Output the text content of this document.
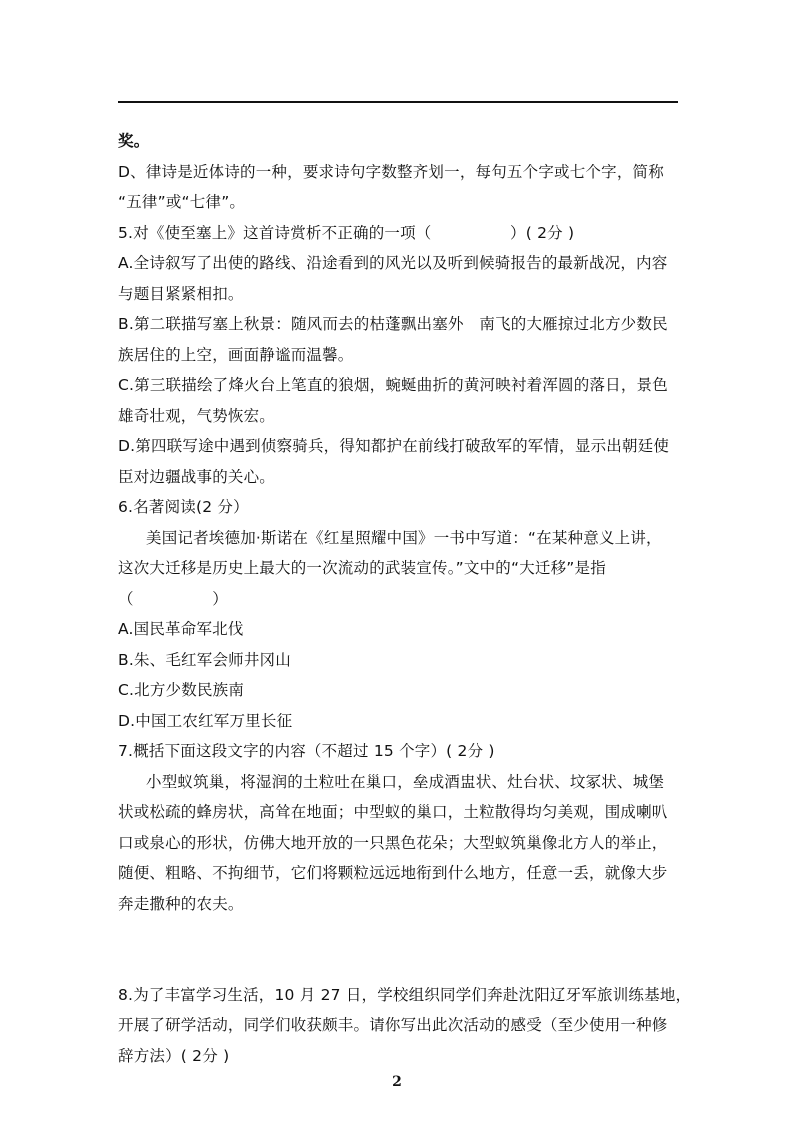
奖。
D、律诗是近体诗的一种，要求诗句字数整齐划一，每句五个字或七个字，简称
“五律”或“七律”。
5.对《使至塞上》这首诗赏析不正确的一项（　　　　　）( 2分 )
A.全诗叙写了出使的路线、沿途看到的风光以及听到候骑报告的最新战况，内容
与题目紧紧相扣。
B.第二联描写塞上秋景：随风而去的枯蓬飘出塞外　南飞的大雁掠过北方少数民
族居住的上空，画面静谧而温馨。
C.第三联描绘了烽火台上笔直的狼烟，蜿蜒曲折的黄河映衬着浑圆的落日，景色
雄奇壮观，气势恢宏。
D.第四联写途中遇到侦察骑兵，得知都护在前线打破敌军的军情，显示出朝廷使
臣对边疆战事的关心。
6.名著阅读(2 分）
美国记者埃德加·斯诺在《红星照耀中国》一书中写道：“在某种意义上讲，
这次大迁移是历史上最大的一次流动的武装宣传。”文中的“大迁移”是指
（　　　　　）
A.国民革命军北伐
B.朱、毛红军会师井冈山
C.北方少数民族南
D.中国工农红军万里长征
7.概括下面这段文字的内容（不超过 15 个字）( 2分 )
小型蚁筑巢，将湿润的土粒吐在巢口，垒成酒盅状、灶台状、坟冢状、城堡
状或松疏的蜂房状，高耸在地面；中型蚁的巢口，土粒散得均匀美观，围成喇叭
口或泉心的形状，仿佛大地开放的一只黑色花朵；大型蚁筑巢像北方人的举止，
随便、粗略、不拘细节，它们将颗粒远远地衔到什么地方，任意一丢，就像大步
奔走撒种的农夫。
8.为了丰富学习生活，10 月 27 日，学校组织同学们奔赴沈阳辽牙军旅训练基地，
开展了研学活动，同学们收获颇丰。请你写出此次活动的感受（至少使用一种修
辞方法）( 2分 )
2
